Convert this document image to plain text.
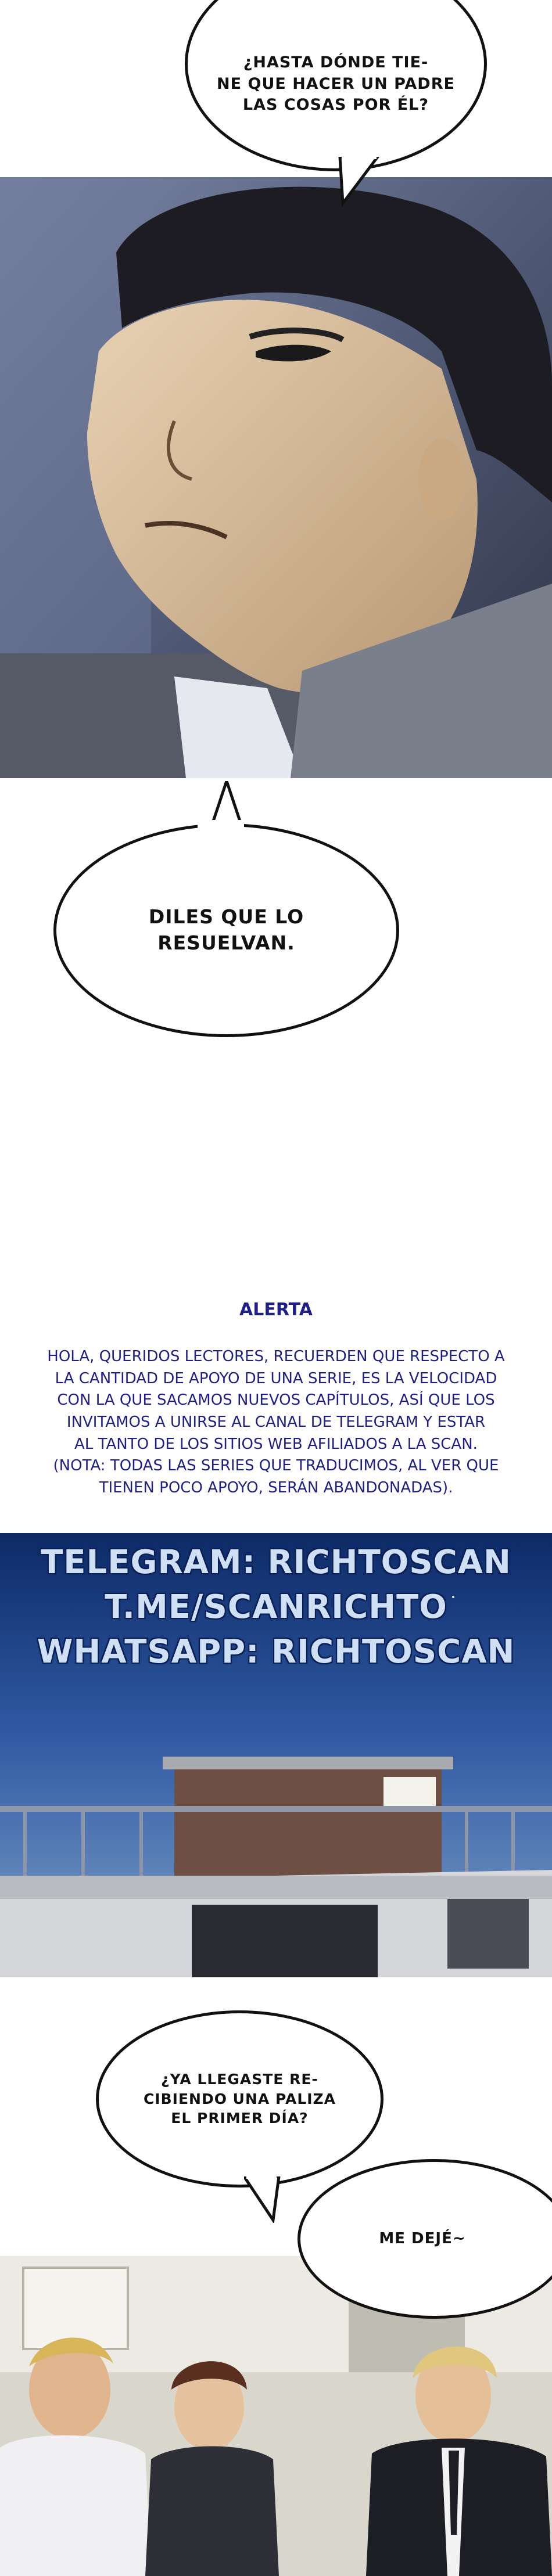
¿HASTA DÓNDE TIE-
NE QUE HACER UN PADRE
LAS COSAS POR ÉL?
DILES QUE LO
RESUELVAN.
ALERTA
HOLA, QUERIDOS LECTORES, RECUERDEN QUE RESPECTO A
LA CANTIDAD DE APOYO DE UNA SERIE, ES LA VELOCIDAD
CON LA QUE SACAMOS NUEVOS CAPÍTULOS, ASÍ QUE LOS
INVITAMOS A UNIRSE AL CANAL DE TELEGRAM Y ESTAR
AL TANTO DE LOS SITIOS WEB AFILIADOS A LA SCAN.
(NOTA: TODAS LAS SERIES QUE TRADUCIMOS, AL VER QUE
TIENEN POCO APOYO, SERÁN ABANDONADAS).
TELEGRAM: RICHTOSCAN
T.ME/SCANRICHTO
WHATSAPP: RICHTOSCAN
¿YA LLEGASTE RE-
CIBIENDO UNA PALIZA
EL PRIMER DÍA?
ME DEJÉ~
